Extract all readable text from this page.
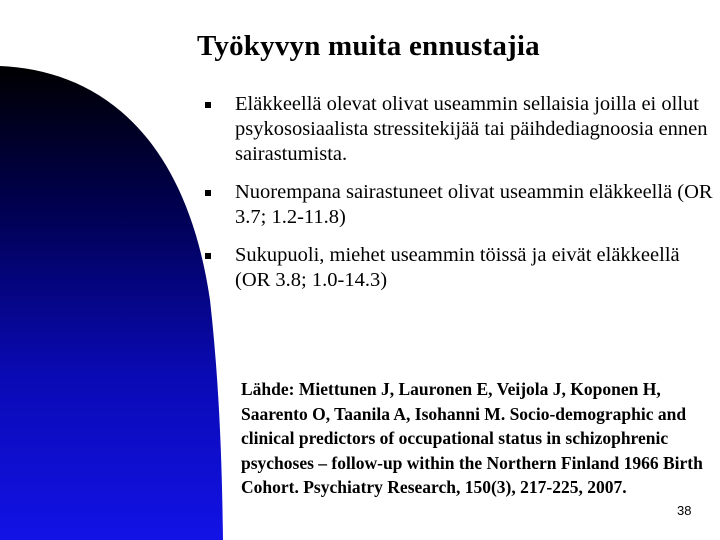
Työkyvyn muita ennustajia
Eläkkeellä olevat olivat useammin sellaisia joilla ei ollut psykososiaalista stressitekijää tai päihdediagnoosia ennen sairastumista.
Nuorempana sairastuneet olivat useammin eläkkeellä (OR 3.7; 1.2-11.8)
Sukupuoli, miehet useammin töissä ja eivät eläkkeellä (OR 3.8; 1.0-14.3)
Lähde: Miettunen J, Lauronen E, Veijola J, Koponen H, Saarento O, Taanila A, Isohanni M. Socio-demographic and clinical predictors of occupational status in schizophrenic psychoses – follow-up within the Northern Finland 1966 Birth Cohort. Psychiatry Research, 150(3), 217-225, 2007.
38
